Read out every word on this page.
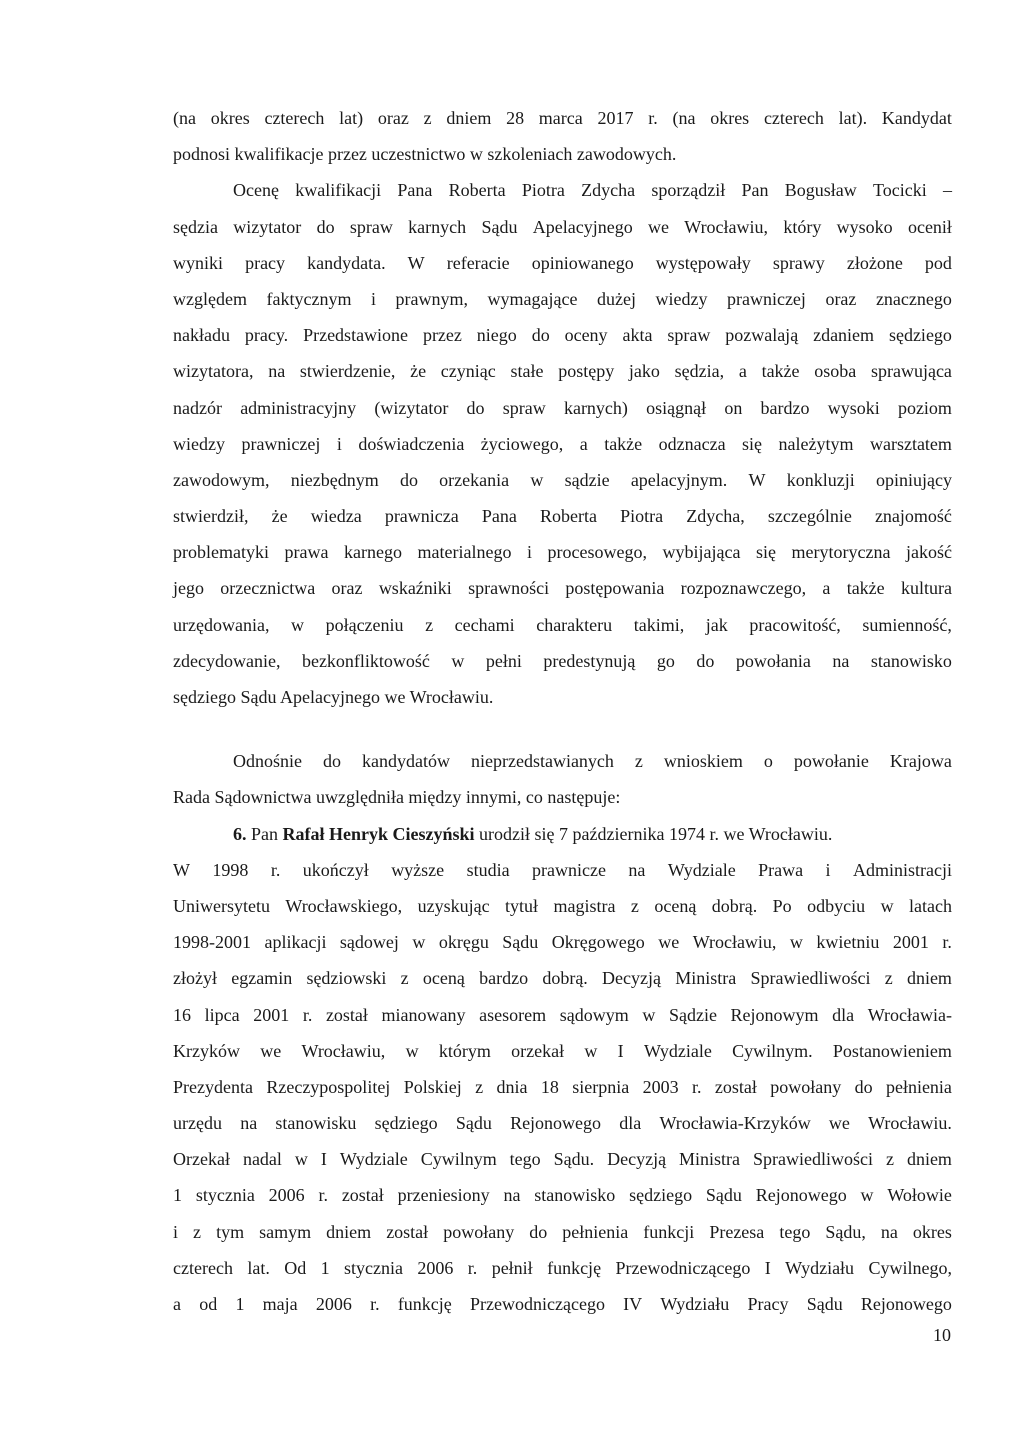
(na okres czterech lat) oraz z dniem 28 marca 2017 r. (na okres czterech lat). Kandydat
podnosi kwalifikacje przez uczestnictwo w szkoleniach zawodowych.
Ocenę kwalifikacji Pana Roberta Piotra Zdycha sporządził Pan Bogusław Tocicki –
sędzia wizytator do spraw karnych Sądu Apelacyjnego we Wrocławiu, który wysoko ocenił
wyniki pracy kandydata. W referacie opiniowanego występowały sprawy złożone pod
względem faktycznym i prawnym, wymagające dużej wiedzy prawniczej oraz znacznego
nakładu pracy. Przedstawione przez niego do oceny akta spraw pozwalają zdaniem sędziego
wizytatora, na stwierdzenie, że czyniąc stałe postępy jako sędzia, a także osoba sprawująca
nadzór administracyjny (wizytator do spraw karnych) osiągnął on bardzo wysoki poziom
wiedzy prawniczej i doświadczenia życiowego, a także odznacza się należytym warsztatem
zawodowym, niezbędnym do orzekania w sądzie apelacyjnym. W konkluzji opiniujący
stwierdził, że wiedza prawnicza Pana Roberta Piotra Zdycha, szczególnie znajomość
problematyki prawa karnego materialnego i procesowego, wybijająca się merytoryczna jakość
jego orzecznictwa oraz wskaźniki sprawności postępowania rozpoznawczego, a także kultura
urzędowania, w połączeniu z cechami charakteru takimi, jak pracowitość, sumienność,
zdecydowanie, bezkonfliktowość w pełni predestynują go do powołania na stanowisko
sędziego Sądu Apelacyjnego we Wrocławiu.
Odnośnie do kandydatów nieprzedstawianych z wnioskiem o powołanie Krajowa
Rada Sądownictwa uwzględniła między innymi, co następuje:
6. Pan Rafał Henryk Cieszyński urodził się 7 października 1974 r. we Wrocławiu.
W 1998 r. ukończył wyższe studia prawnicze na Wydziale Prawa i Administracji
Uniwersytetu Wrocławskiego, uzyskując tytuł magistra z oceną dobrą. Po odbyciu w latach
1998-2001 aplikacji sądowej w okręgu Sądu Okręgowego we Wrocławiu, w kwietniu 2001 r.
złożył egzamin sędziowski z oceną bardzo dobrą. Decyzją Ministra Sprawiedliwości z dniem
16 lipca 2001 r. został mianowany asesorem sądowym w Sądzie Rejonowym dla Wrocławia-
Krzyków we Wrocławiu, w którym orzekał w I Wydziale Cywilnym. Postanowieniem
Prezydenta Rzeczypospolitej Polskiej z dnia 18 sierpnia 2003 r. został powołany do pełnienia
urzędu na stanowisku sędziego Sądu Rejonowego dla Wrocławia-Krzyków we Wrocławiu.
Orzekał nadal w I Wydziale Cywilnym tego Sądu. Decyzją Ministra Sprawiedliwości z dniem
1 stycznia 2006 r. został przeniesiony na stanowisko sędziego Sądu Rejonowego w Wołowie
i z tym samym dniem został powołany do pełnienia funkcji Prezesa tego Sądu, na okres
czterech lat. Od 1 stycznia 2006 r. pełnił funkcję Przewodniczącego I Wydziału Cywilnego,
a od 1 maja 2006 r. funkcję Przewodniczącego IV Wydziału Pracy Sądu Rejonowego
10
